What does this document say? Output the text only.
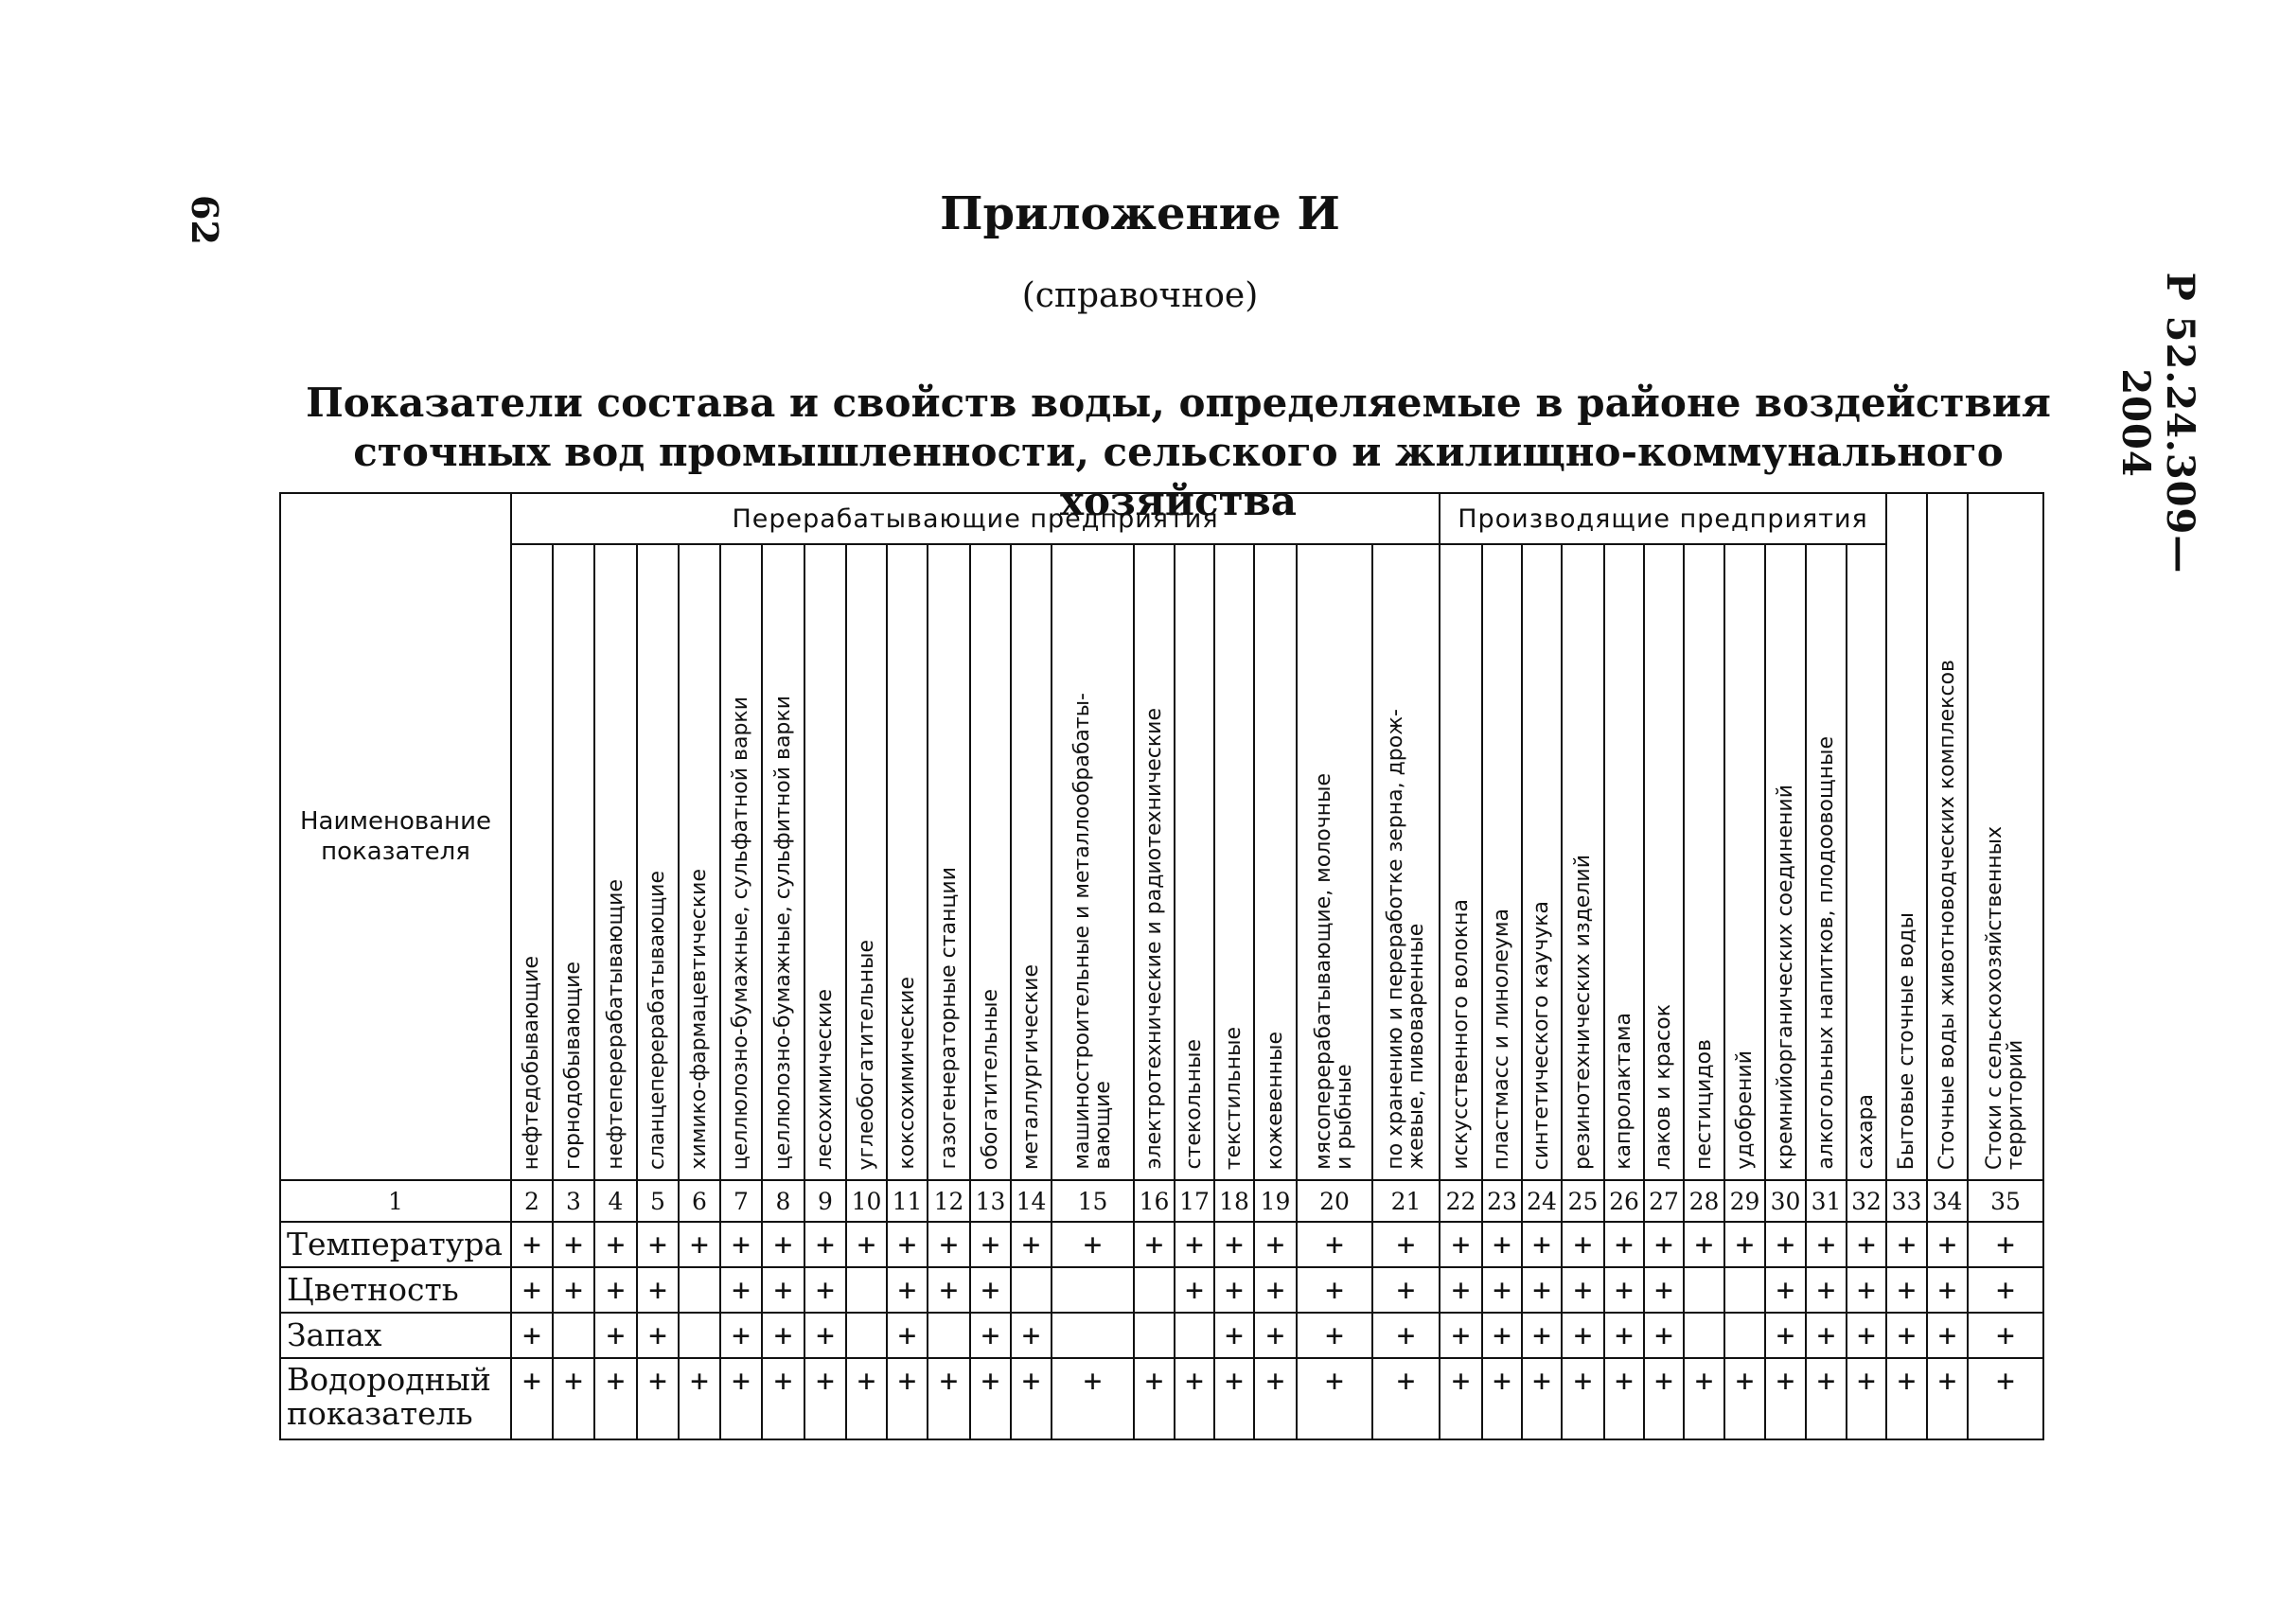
62
Р 52.24.309—2004
Приложение И
(справочное)
Показатели состава и свойств воды, определяемые в районе воздействия
сточных вод промышленности, сельского и жилищно-коммунального хозяйства
Наименование показателя	Перерабатывающие предприятия																				Производящие предприятия											Бытовые сточные воды	Сточные воды животноводческих комплексов	Стоки с сельскохозяйственных
территорий
	нефтедобывающие	горнодобывающие	нефтеперерабатывающие	сланцеперерабатывающие	химико-фармацевтические	целлюлозно-бумажные, сульфатной варки	целлюлозно-бумажные, сульфитной варки	лесохимические	углеобогатительные	коксохимические	газогенераторные станции	обогатительные	металлургические	машиностроительные и металлообрабаты-
вающие	электротехнические и радиотехнические	стекольные	текстильные	кожевенные	мясоперерабатывающие, молочные
и рыбные	по хранению и переработке зерна, дрож-
жевые, пивоваренные	искусственного волокна	пластмасс и линолеума	синтетического каучука	резинотехнических изделий	капролактама	лаков и красок	пестицидов	удобрений	кремнийорганических соединений	алкогольных напитков, плодоовощные	сахара			
1	2	3	4	5	6	7	8	9	10	11	12	13	14	15	16	17	18	19	20	21	22	23	24	25	26	27	28	29	30	31	32	33	34	35
Температура	+	+	+	+	+	+	+	+	+	+	+	+	+	+	+	+	+	+	+	+	+	+	+	+	+	+	+	+	+	+	+	+	+	+
Цветность	+	+	+	+		+	+	+		+	+	+				+	+	+	+	+	+	+	+	+	+	+			+	+	+	+	+	+
Запах	+		+	+		+	+	+		+		+	+				+	+	+	+	+	+	+	+	+	+			+	+	+	+	+	+
Водородный
показатель	+	+	+	+	+	+	+	+	+	+	+	+	+	+	+	+	+	+	+	+	+	+	+	+	+	+	+	+	+	+	+	+	+	+
